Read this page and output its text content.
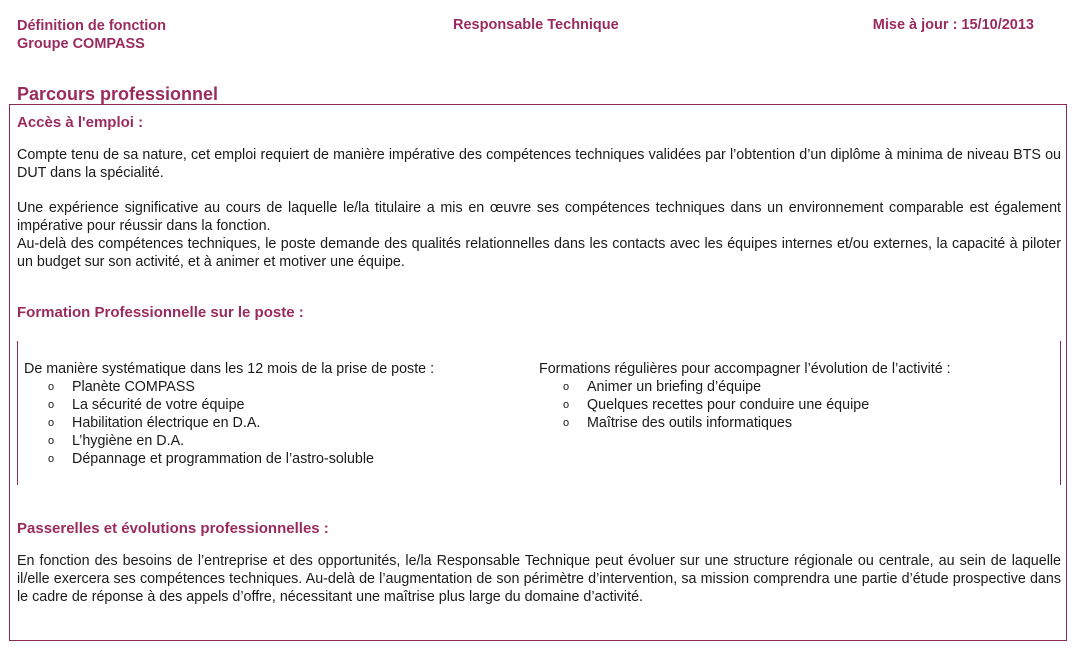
Définition de fonction
Groupe COMPASS
Responsable Technique	Mise à jour : 15/10/2013
Parcours professionnel
Accès à l'emploi :
Compte tenu de sa nature, cet emploi requiert de manière impérative des compétences techniques validées par l’obtention d’un diplôme à minima de niveau BTS ou DUT dans la spécialité.
Une expérience significative au cours de laquelle le/la titulaire a mis en œuvre ses compétences techniques dans un environnement comparable est également impérative pour réussir dans la fonction.
Au-delà des compétences techniques, le poste demande des qualités relationnelles dans les contacts avec les équipes internes et/ou externes, la capacité à piloter un budget sur son activité, et à animer et motiver une équipe.
Formation Professionnelle sur le poste :
De manière systématique dans les 12 mois de la prise de poste :
o Planète COMPASS
o La sécurité de votre équipe
o Habilitation électrique en D.A.
o L’hygiène en D.A.
o Dépannage et programmation de l’astro-soluble
Formations régulières pour accompagner l’évolution de l’activité :
o Animer un briefing d’équipe
o Quelques recettes pour conduire une équipe
o Maîtrise des outils informatiques
Passerelles et évolutions professionnelles :
En fonction des besoins de l’entreprise et des opportunités, le/la Responsable Technique peut évoluer sur une structure régionale ou centrale, au sein de laquelle il/elle exercera ses compétences techniques. Au-delà de l’augmentation de son périmètre d’intervention, sa mission comprendra une partie d’étude prospective dans le cadre de réponse à des appels d’offre, nécessitant une maîtrise plus large du domaine d’activité.
